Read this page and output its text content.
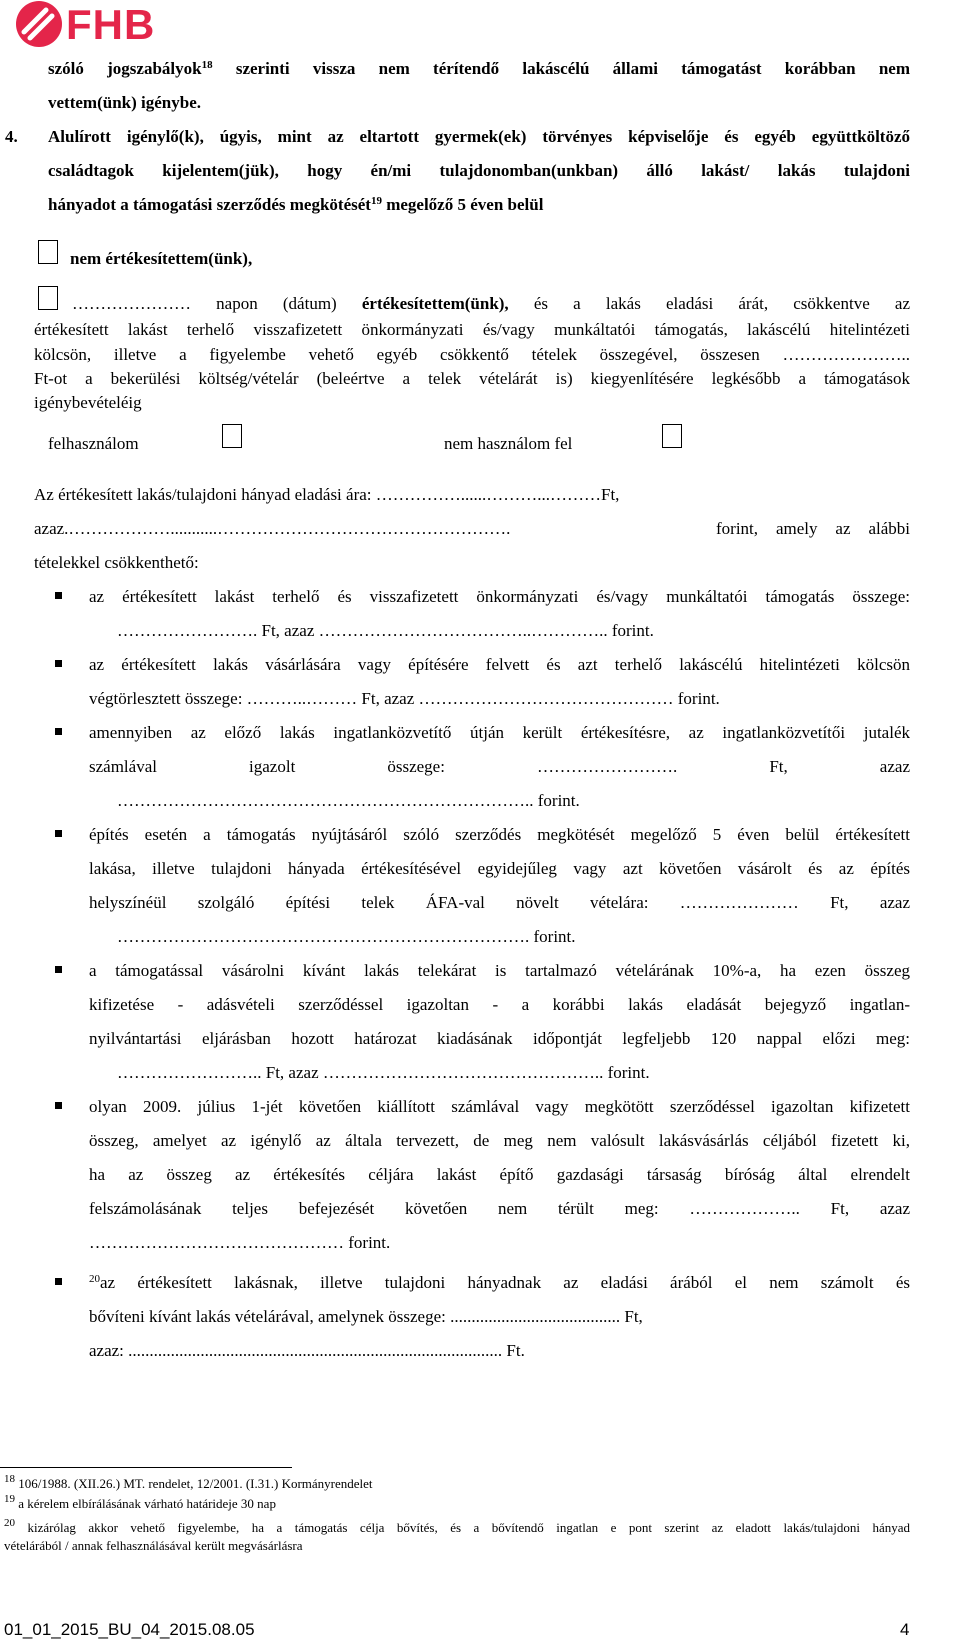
FHB
szóló jogszabályok$^{18}$ szerinti vissza nem térítendő lakáscélú állami támogatást korábban nem
vettem(ünk) igénybe.
4. Alulírott igénylő(k), úgyis, mint az eltartott gyermek(ek) törvényes képviselője és egyéb együttköltöző
családtagok kijelentem(jük), hogy én/mi tulajdonomban(unkban) álló lakást/ lakás tulajdoni
hányadot a támogatási szerződés megkötését$^{19}$ megelőző 5 éven belül
nem értékesítettem(ünk),
………………… napon (dátum) értékesítettem(ünk), és a lakás eladási árát, csökkentve az
értékesített lakást terhelő visszafizetett önkormányzati és/vagy munkáltatói támogatás, lakáscélú hitelintézeti
kölcsön, illetve a figyelembe vehető egyéb csökkentő tételek összegével, összesen …………………..
Ft-ot a bekerülési költség/vételár (beleértve a telek vételárát is) kiegyenlítésére legkésőbb a támogatások
igénybevételéig
felhasználom	nem használom fel
Az értékesített lakás/tulajdoni hányad eladási ára: ……………......………...………Ft,
azaz.………………...........…………………………………………….	forint, amely az alábbi
tételekkel csökkenthető:
az értékesített lakást terhelő és visszafizetett önkormányzati és/vagy munkáltatói támogatás összege:
……………………. Ft, azaz ………………………………..………….. forint.
az értékesített lakás vásárlására vagy építésére felvett és azt terhelő lakáscélú hitelintézeti kölcsön
végtörlesztett összege: ………..……… Ft, azaz ……………………………………… forint.
amennyiben az előző lakás ingatlanközvetítő útján került értékesítésre, az ingatlanközvetítői jutalék
számlával igazolt összege: ……………………. Ft, azaz
……………………………………………………………….. forint.
építés esetén a támogatás nyújtásáról szóló szerződés megkötését megelőző 5 éven belül értékesített
lakása, illetve tulajdoni hányada értékesítésével egyidejűleg vagy azt követően vásárolt és az építés
helyszínéül szolgáló építési telek ÁFA-val növelt vételára: ………………… Ft, azaz
………………………………………………………………. forint.
a támogatással vásárolni kívánt lakás telekárat is tartalmazó vételárának 10%-a, ha ezen összeg
kifizetése - adásvételi szerződéssel igazoltan - a korábbi lakás eladását bejegyző ingatlan-
nyilvántartási eljárásban hozott határozat kiadásának időpontját legfeljebb 120 nappal előzi meg:
…………………….. Ft, azaz ………………………………………….. forint.
olyan 2009. július 1-jét követően kiállított számlával vagy megkötött szerződéssel igazoltan kifizetett
összeg, amelyet az igénylő az általa tervezett, de meg nem valósult lakásvásárlás céljából fizetett ki,
ha az összeg az értékesítés céljára lakást építő gazdasági társaság bíróság által elrendelt
felszámolásának teljes befejezését követően nem térült meg: ……………….. Ft, azaz
……………………………………… forint.
$^{20}$az értékesített lakásnak, illetve tulajdoni hányadnak az eladási árából el nem számolt és
bővíteni kívánt lakás vételárával, amelynek összege: ........................................ Ft,
azaz: ........................................................................................ Ft.
$^{18}$ 106/1988. (XII.26.) MT. rendelet, 12/2001. (I.31.) Kormányrendelet
$^{19}$ a kérelem elbírálásának várható határideje 30 nap
$^{20}$ kizárólag akkor vehető figyelembe, ha a támogatás célja bővítés, és a bővítendő ingatlan e pont szerint az eladott lakás/tulajdoni hányad
vételárából / annak felhasználásával került megvásárlásra
01_01_2015_BU_04_2015.08.05	4
